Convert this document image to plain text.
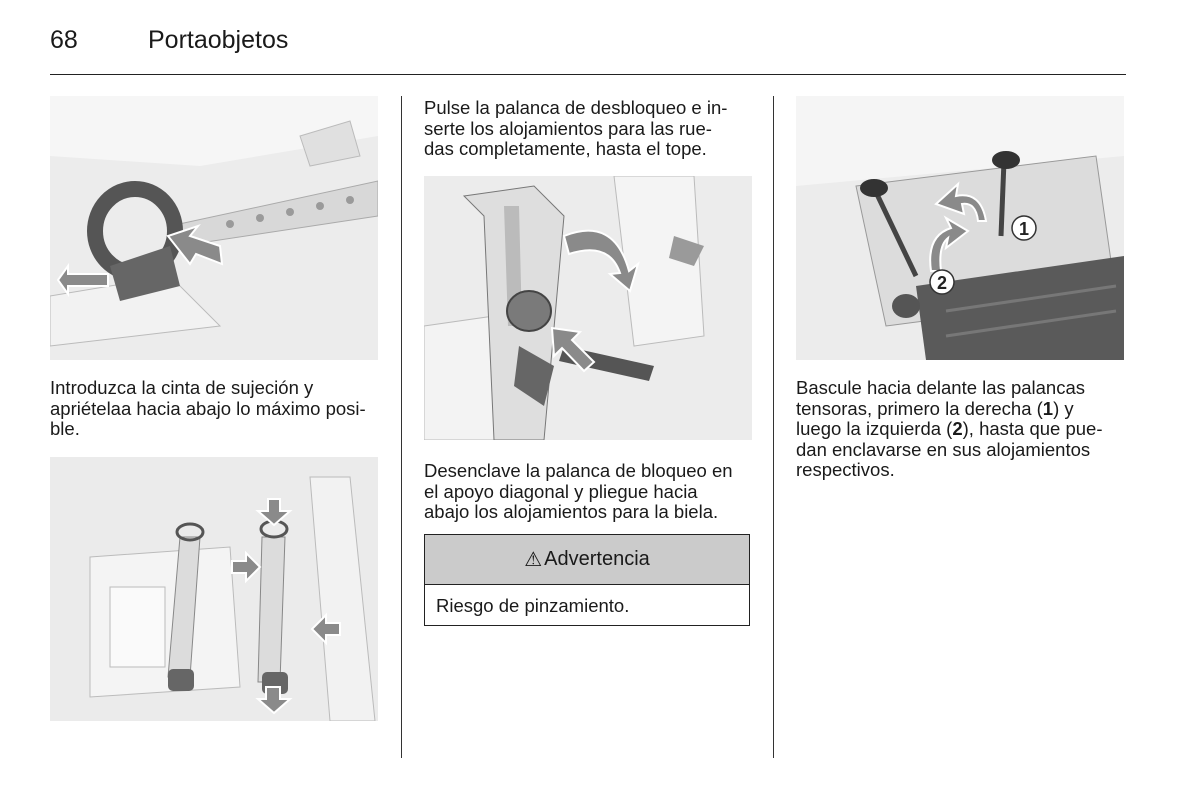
68	Portaobjetos

Introduzca la cinta de sujeción y
apriételaa hacia abajo lo máximo posi-
ble.

Pulse la palanca de desbloqueo e in-
serte los alojamientos para las rue-
das completamente, hasta el tope.

Desenclave la palanca de bloqueo en
el apoyo diagonal y pliegue hacia
abajo los alojamientos para la biela.

⚠ Advertencia
Riesgo de pinzamiento.
1
2

Bascule hacia delante las palancas
tensoras, primero la derecha (1) y
luego la izquierda (2), hasta que pue-
dan enclavarse en sus alojamientos
respectivos.
